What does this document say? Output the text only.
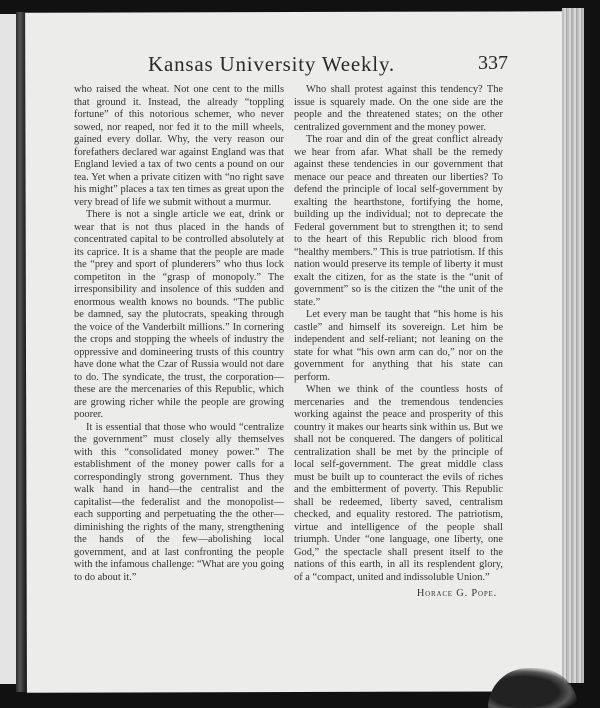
Kansas University Weekly.	337

who raised the wheat. Not one cent to the mills that ground it. Instead, the already “toppling fortune” of this notorious schemer, who never sowed, nor reaped, nor fed it to the mill wheels, gained every dollar. Why, the very reason our forefathers declared war against England was that England levied a tax of two cents a pound on our tea. Yet when a private citizen with “no right save his might” places a tax ten times as great upon the very bread of life we submit without a murmur.

There is not a single article we eat, drink or wear that is not thus placed in the hands of concentrated capital to be controlled absolutely at its caprice. It is a shame that the people are made the “prey and sport of plunderers” who thus lock competiton in the “grasp of monopoly.” The irresponsibility and insolence of this sudden and enormous wealth knows no bounds. “The public be damned, say the plutocrats, speaking through the voice of the Vanderbilt millions.” In cornering the crops and stopping the wheels of industry the oppressive and domineering trusts of this country have done what the Czar of Russia would not dare to do. The syndicate, the trust, the corporation—these are the mercenaries of this Republic, which are growing richer while the people are growing poorer.

It is essential that those who would “centralize the government” must closely ally themselves with this “consolidated money power.” The establishment of the money power calls for a correspondingly strong government. Thus they walk hand in hand—the centralist and the capitalist—the federalist and the monopolist—each supporting and perpetuating the the other—diminishing the rights of the many, strengthening the hands of the few—abolishing local government, and at last confronting the people with the infamous challenge: “What are you going to do about it.”

Who shall protest against this tendency? The issue is squarely made. On the one side are the people and the threatened states; on the other centralized government and the money power.

The roar and din of the great conflict already we hear from afar. What shall be the remedy against these tendencies in our government that menace our peace and threaten our liberties? To defend the principle of local self-government by exalting the hearthstone, fortifying the home, building up the individual; not to deprecate the Federal government but to strengthen it; to send to the heart of this Republic rich blood from “healthy members.” This is true patriotism. If this nation would preserve its temple of liberty it must exalt the citizen, for as the state is the “unit of government” so is the citizen the “the unit of the state.”

Let every man be taught that “his home is his castle” and himself its sovereign. Let him be independent and self-reliant; not leaning on the state for what “his own arm can do,” nor on the government for anything that his state can perform.

When we think of the countless hosts of mercenaries and the tremendous tendencies working against the peace and prosperity of this country it makes our hearts sink within us. But we shall not be conquered. The dangers of political centralization shall be met by the principle of local self-government. The great middle class must be built up to counteract the evils of riches and the embitterment of poverty. This Republic shall be redeemed, liberty saved, centralism checked, and equality restored. The patriotism, virtue and intelligence of the people shall triumph. Under “one language, one liberty, one God,” the spectacle shall present itself to the nations of this earth, in all its resplendent glory, of a “compact, united and indissoluble Union.”

Horace G. Pope.
